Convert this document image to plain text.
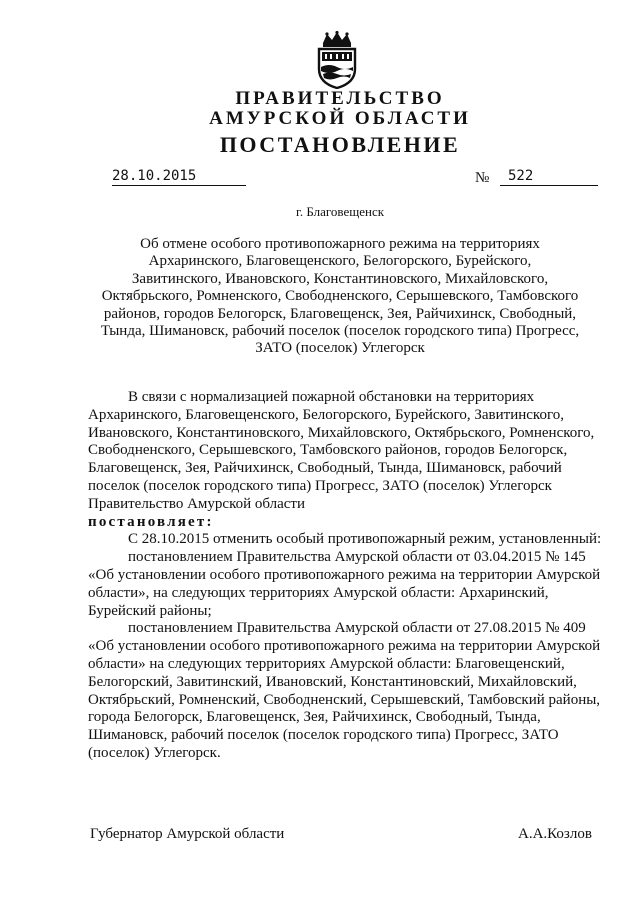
ПРАВИТЕЛЬСТВО
АМУРСКОЙ ОБЛАСТИ
ПОСТАНОВЛЕНИЕ
28.10.2015	№	522
г. Благовещенск
Об отмене особого противопожарного режима на территориях
Архаринского, Благовещенского, Белогорского, Бурейского,
Завитинского, Ивановского, Константиновского, Михайловского,
Октябрьского, Ромненского, Свободненского, Серышевского, Тамбовского
районов, городов Белогорск, Благовещенск, Зея, Райчихинск, Свободный,
Тында, Шимановск, рабочий поселок (поселок городского типа) Прогресс,
ЗАТО (поселок) Углегорск
В связи с нормализацией пожарной обстановки на территориях
Архаринского, Благовещенского, Белогорского, Бурейского, Завитинского,
Ивановского, Константиновского, Михайловского, Октябрьского, Ромненского,
Свободненского, Серышевского, Тамбовского районов, городов Белогорск,
Благовещенск, Зея, Райчихинск, Свободный, Тында, Шимановск, рабочий
поселок (поселок городского типа) Прогресс, ЗАТО (поселок) Углегорск
Правительство Амурской области
постановляет:
С 28.10.2015 отменить особый противопожарный режим, установленный:
постановлением Правительства Амурской области от 03.04.2015 № 145
«Об установлении особого противопожарного режима на территории Амурской
области», на следующих территориях Амурской области: Архаринский,
Бурейский районы;
постановлением Правительства Амурской области от 27.08.2015 № 409
«Об установлении особого противопожарного режима на территории Амурской
области» на следующих территориях Амурской области: Благовещенский,
Белогорский, Завитинский, Ивановский, Константиновский, Михайловский,
Октябрьский, Ромненский, Свободненский, Серышевский, Тамбовский районы,
города Белогорск, Благовещенск, Зея, Райчихинск, Свободный, Тында,
Шимановск, рабочий поселок (поселок городского типа) Прогресс, ЗАТО
(поселок) Углегорск.
Губернатор Амурской области	А.А.Козлов
